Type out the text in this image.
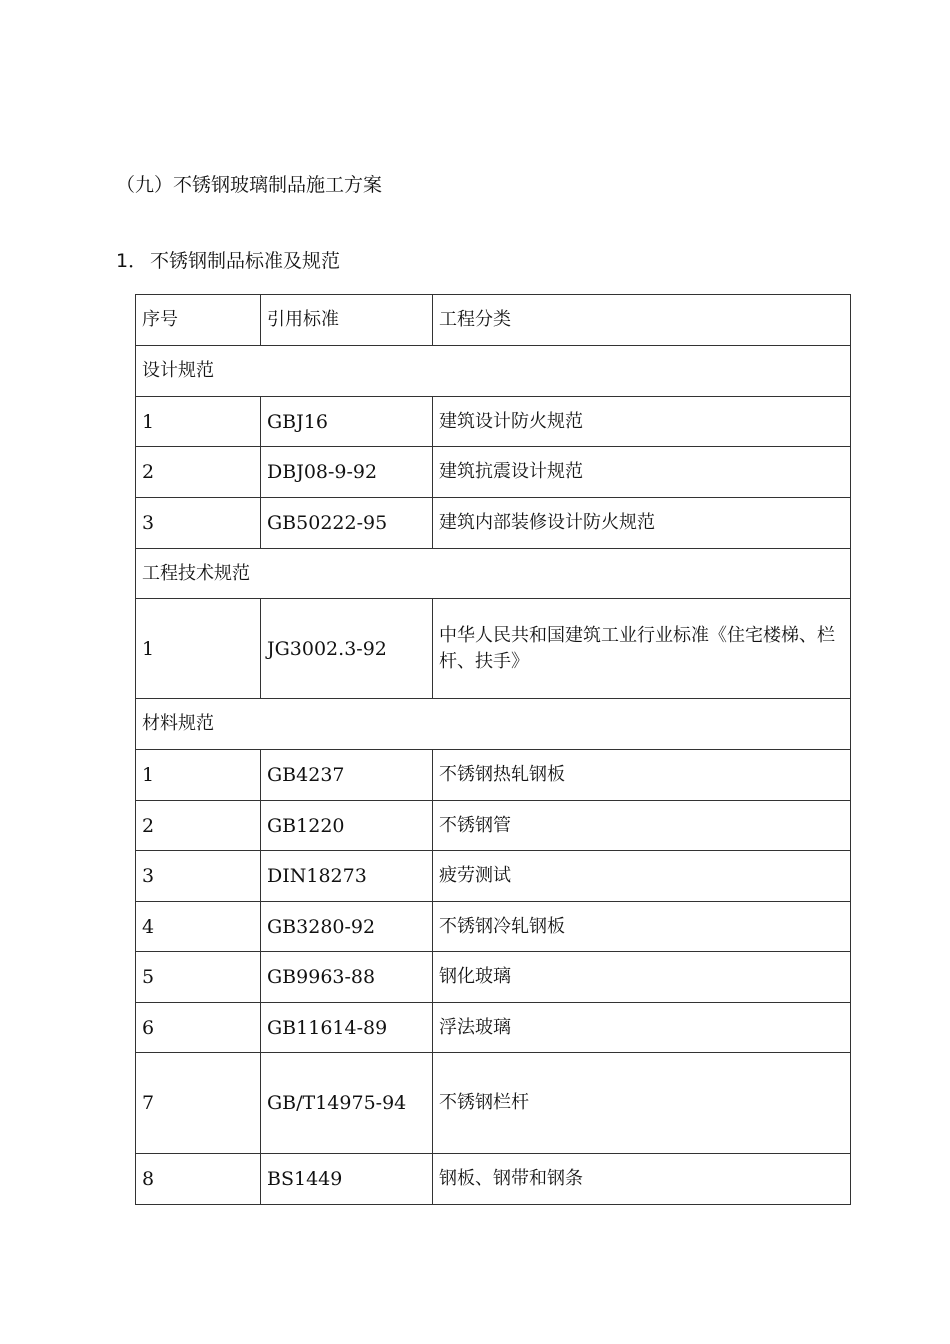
（九）不锈钢玻璃制品施工方案
1． 不锈钢制品标准及规范
序号	引用标准	工程分类
设计规范		
1	GBJ16	建筑设计防火规范
2	DBJ08-9-92	建筑抗震设计规范
3	GB50222-95	建筑内部装修设计防火规范
工程技术规范		
1	JG3002.3-92	中华人民共和国建筑工业行业标准《住宅楼梯、栏杆、扶手》
材料规范		
1	GB4237	不锈钢热轧钢板
2	GB1220	不锈钢管
3	DIN18273	疲劳测试
4	GB3280-92	不锈钢冷轧钢板
5	GB9963-88	钢化玻璃
6	GB11614-89	浮法玻璃
7	GB/T14975-94	不锈钢栏杆
8	BS1449	钢板、钢带和钢条
